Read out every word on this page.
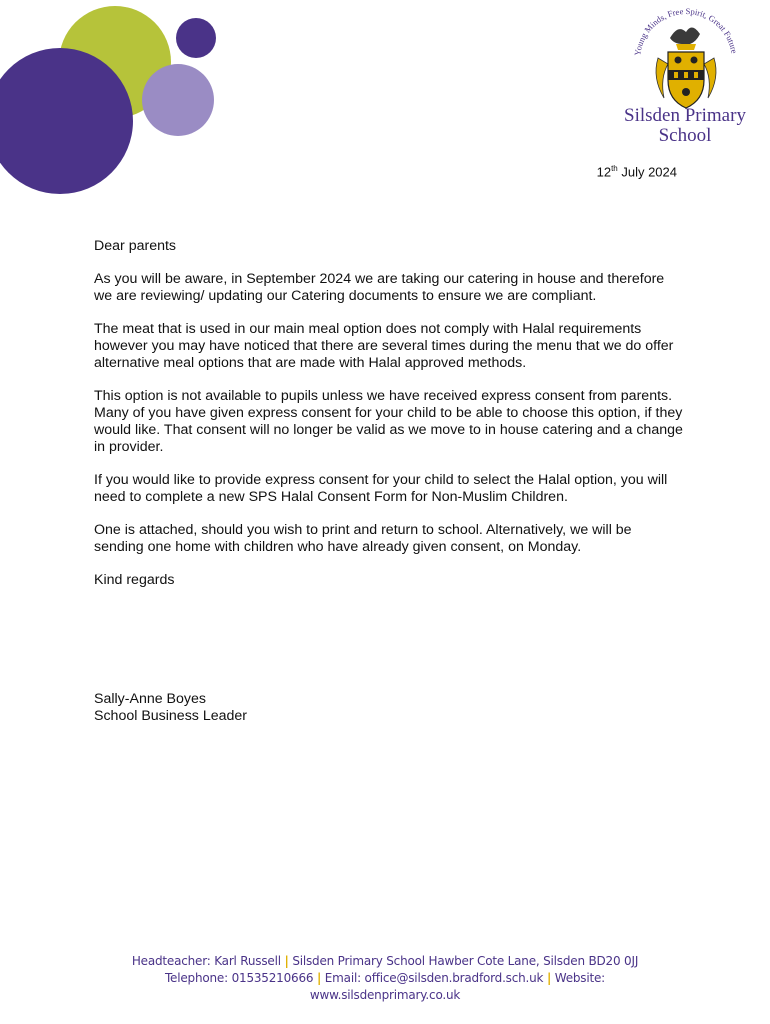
Young Minds, Free Spirit, Great Future
Silsden Primary
School
12th July 2024

Dear parents

As you will be aware, in September 2024 we are taking our catering in house and therefore we are reviewing/ updating our Catering documents to ensure we are compliant.

The meat that is used in our main meal option does not comply with Halal requirements however you may have noticed that there are several times during the menu that we do offer alternative meal options that are made with Halal approved methods.

This option is not available to pupils unless we have received express consent from parents. Many of you have given express consent for your child to be able to choose this option, if they would like. That consent will no longer be valid as we move to in house catering and a change in provider.

If you would like to provide express consent for your child to select the Halal option, you will need to complete a new SPS Halal Consent Form for Non-Muslim Children.

One is attached, should you wish to print and return to school. Alternatively, we will be sending one home with children who have already given consent, on Monday.

Kind regards

Sally-Anne Boyes
School Business Leader
Headteacher: Karl Russell | Silsden Primary School Hawber Cote Lane, Silsden BD20 0JJ
Telephone: 01535210666 | Email: office@silsden.bradford.sch.uk | Website:
www.silsdenprimary.co.uk
